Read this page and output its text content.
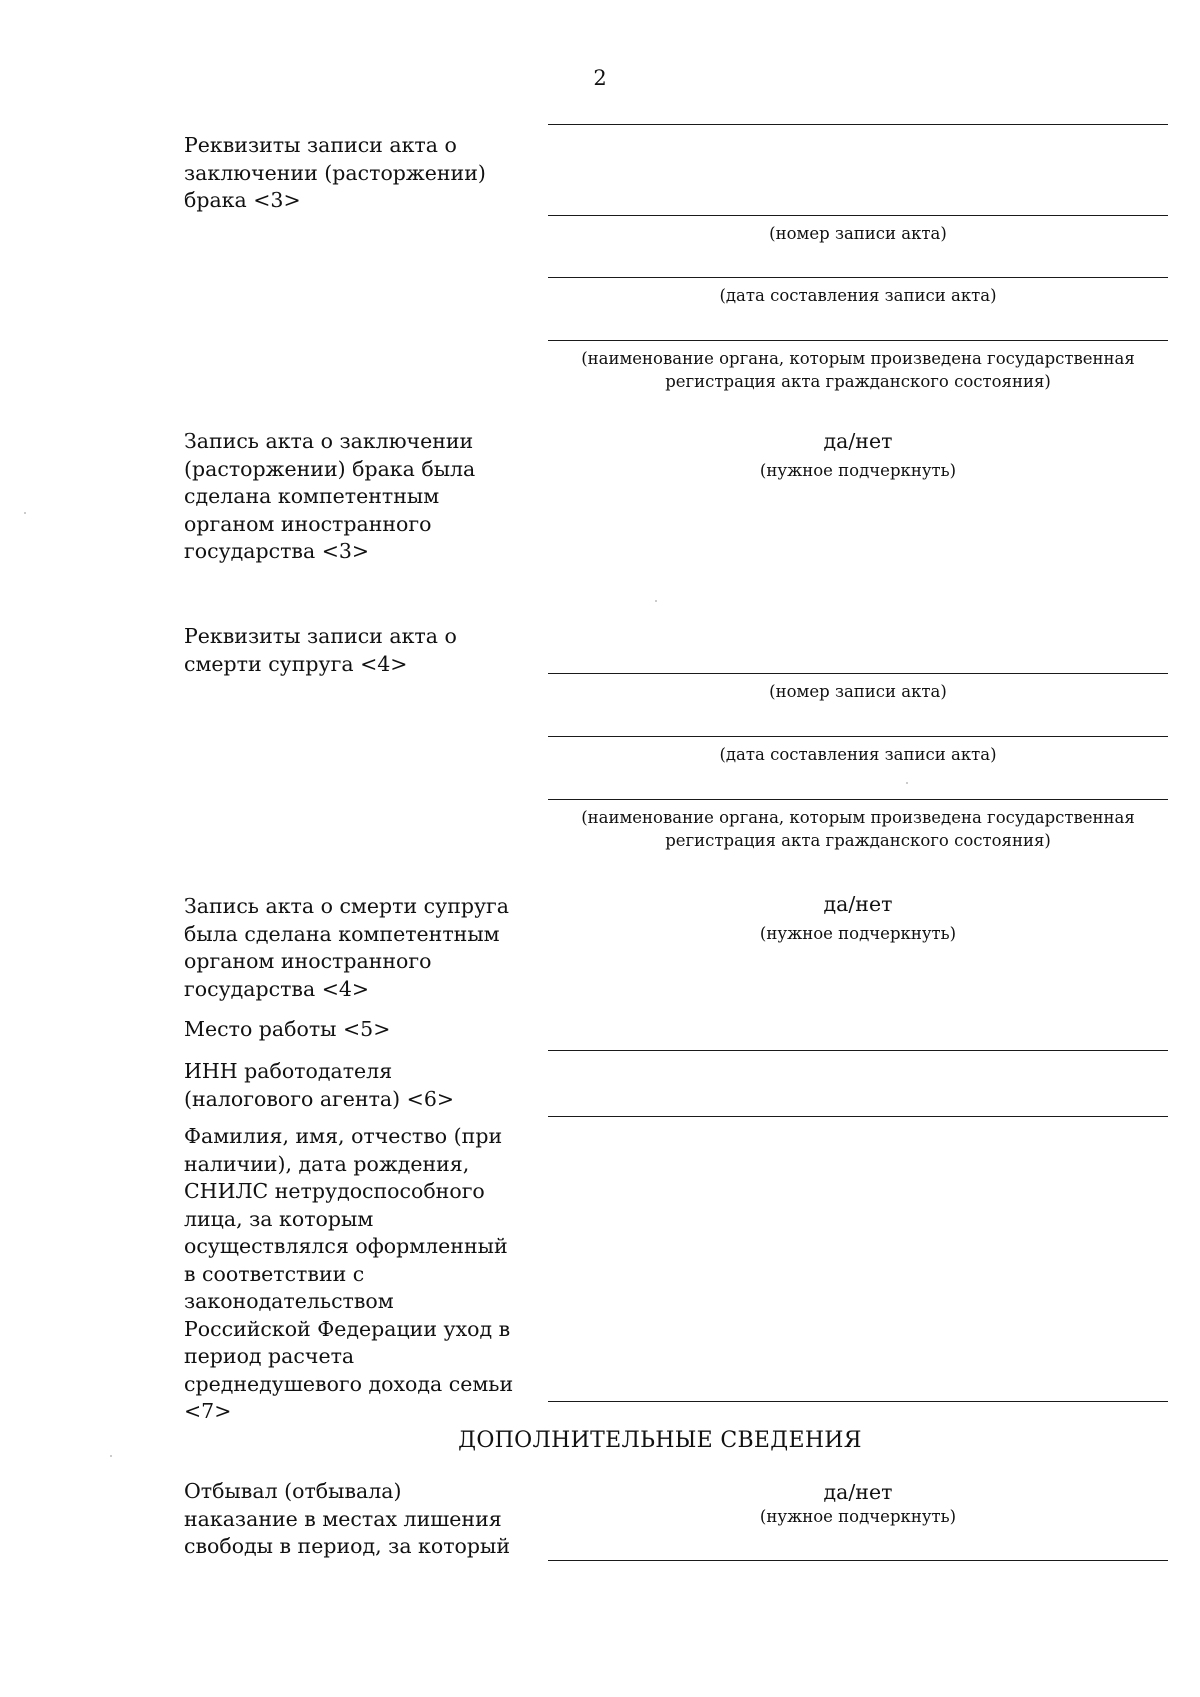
2
Реквизиты записи акта о заключении (расторжении) брака <3>
(номер записи акта)
(дата составления записи акта)
(наименование органа, которым произведена государственная регистрация акта гражданского состояния)
Запись акта о заключении (расторжении) брака была сделана компетентным органом иностранного государства <3>
да/нет
(нужное подчеркнуть)
Реквизиты записи акта о смерти супруга <4>
(номер записи акта)
(дата составления записи акта)
(наименование органа, которым произведена государственная регистрация акта гражданского состояния)
Запись акта о смерти супруга была сделана компетентным органом иностранного государства <4>
да/нет
(нужное подчеркнуть)
Место работы <5>
ИНН работодателя (налогового агента) <6>
Фамилия, имя, отчество (при наличии), дата рождения, СНИЛС нетрудоспособного лица, за которым осуществлялся оформленный в соответствии с законодательством Российской Федерации уход в период расчета среднедушевого дохода семьи <7>
ДОПОЛНИТЕЛЬНЫЕ СВЕДЕНИЯ
Отбывал (отбывала) наказание в местах лишения свободы в период, за который
да/нет
(нужное подчеркнуть)
